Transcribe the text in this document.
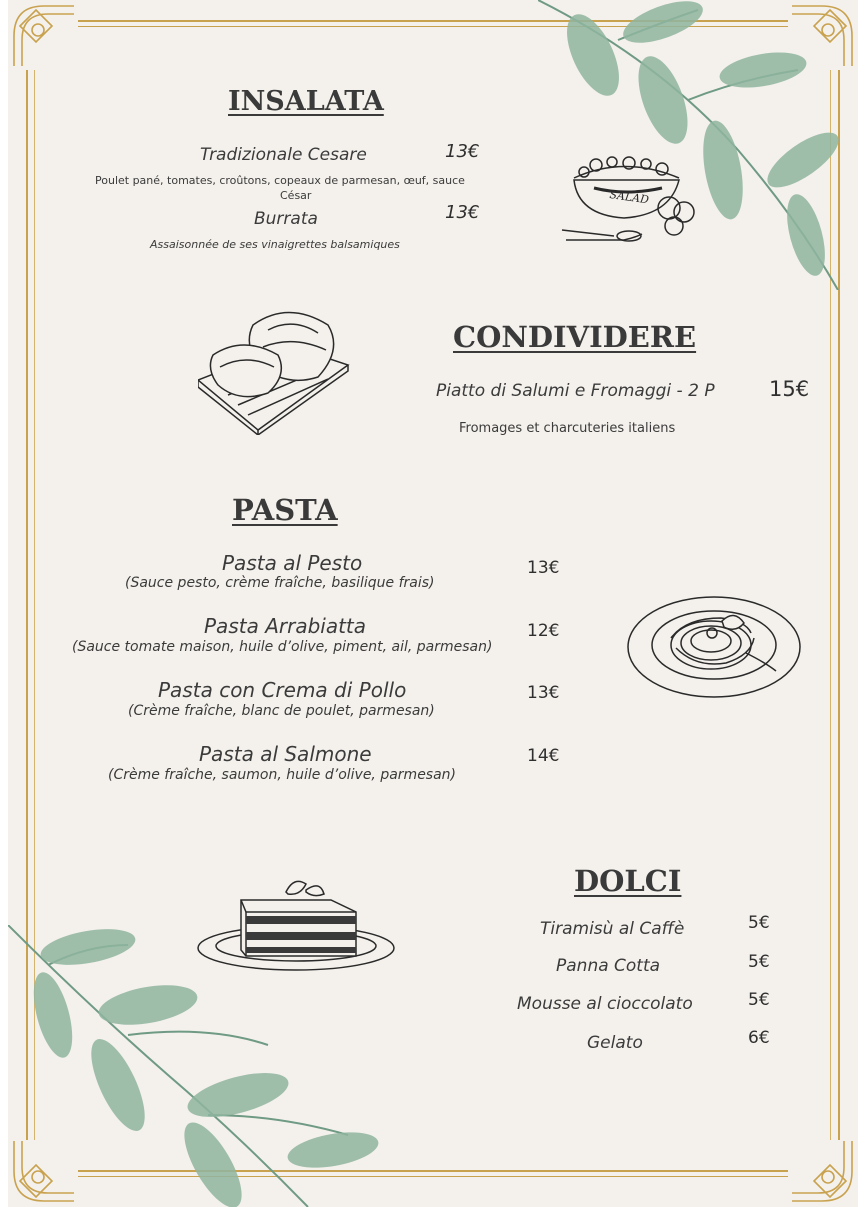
INSALATA
Tradizionale Cesare	13€
Poulet pané, tomates, croûtons, copeaux de parmesan, œuf, sauce
César
Burrata	13€
Assaisonnée de ses vinaigrettes balsamiques
SALAD
CONDIVIDERE
Piatto di Salumi e Fromaggi - 2 P	15€
Fromages et charcuteries italiens
PASTA
Pasta al Pesto	13€
(Sauce pesto, crème fraîche, basilique frais)
Pasta Arrabiatta	12€
(Sauce tomate maison, huile d’olive, piment, ail, parmesan)
Pasta con Crema di Pollo	13€
(Crème fraîche, blanc de poulet, parmesan)
Pasta al Salmone	14€
(Crème fraîche, saumon, huile d’olive, parmesan)
DOLCI
Tiramisù al Caffè	5€
Panna Cotta	5€
Mousse al cioccolato	5€
Gelato	6€
